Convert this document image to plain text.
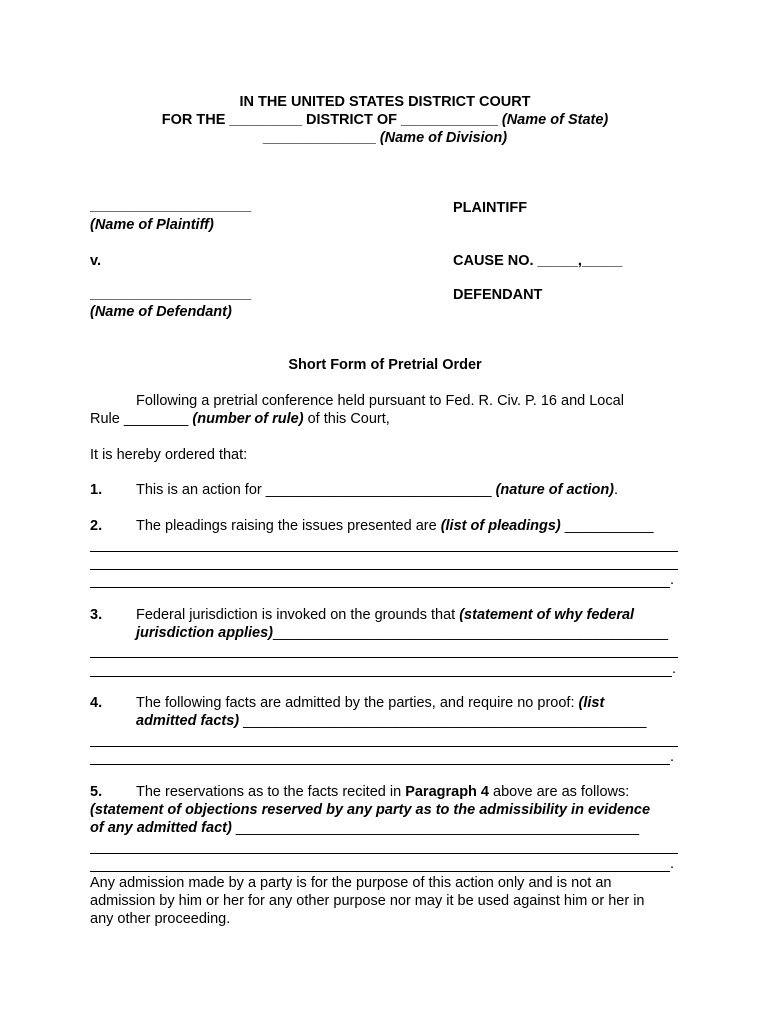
IN THE UNITED STATES DISTRICT COURT
FOR THE _________ DISTRICT OF ____________ (Name of State)
______________ (Name of Division)
____________________
(Name of Plaintiff)
PLAINTIFF
v.	CAUSE NO. _____,_____
____________________	DEFENDANT
(Name of Defendant)
Short Form of Pretrial Order
Following a pretrial conference held pursuant to Fed. R. Civ. P. 16 and Local
Rule ________ (number of rule) of this Court,
It is hereby ordered that:
1. This is an action for ____________________________ (nature of action).
2. The pleadings raising the issues presented are (list of pleadings) ___________
.
3. Federal jurisdiction is invoked on the grounds that (statement of why federal
jurisdiction applies)_________________________________________________
.
4. The following facts are admitted by the parties, and require no proof: (list
admitted facts) __________________________________________________
.
5. The reservations as to the facts recited in Paragraph 4 above are as follows:
(statement of objections reserved by any party as to the admissibility in evidence
of any admitted fact) __________________________________________________
.
Any admission made by a party is for the purpose of this action only and is not an admission by him or her for any other purpose nor may it be used against him or her in any other proceeding.
